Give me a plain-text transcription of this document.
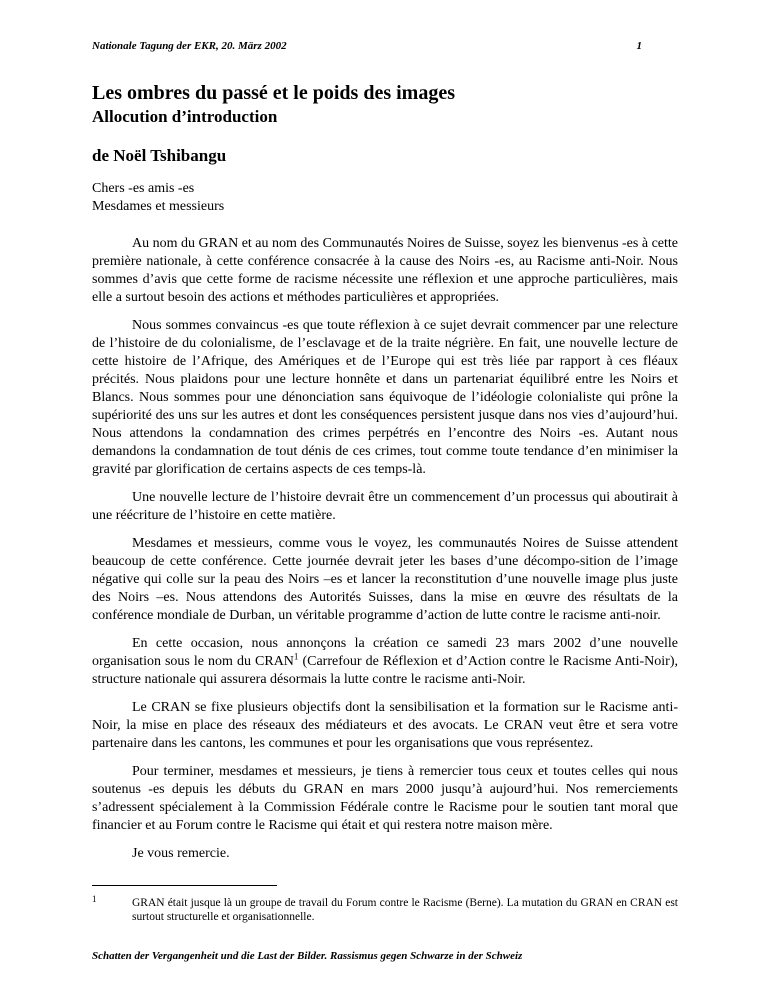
Nationale Tagung der EKR, 20. März 2002	1
Les ombres du passé et le poids des images
Allocution d’introduction
de Noël Tshibangu
Chers -es amis -es
Mesdames et messieurs

Au nom du GRAN et au nom des Communautés Noires de Suisse, soyez les bienvenus -es à cette première nationale, à cette conférence consacrée à la cause des Noirs -es, au Racisme anti-Noir. Nous sommes d’avis que cette forme de racisme nécessite une réflexion et une approche particulières, mais elle a surtout besoin des actions et méthodes particulières et appropriées.

Nous sommes convaincus -es que toute réflexion à ce sujet devrait commencer par une relecture de l’histoire de du colonialisme, de l’esclavage et de la traite négrière. En fait, une nouvelle lecture de cette histoire de l’Afrique, des Amériques et de l’Europe qui est très liée par rapport à ces fléaux précités. Nous plaidons pour une lecture honnête et dans un partenariat équilibré entre les Noirs et Blancs. Nous sommes pour une dénonciation sans équivoque de l’idéologie colonialiste qui prône la supériorité des uns sur les autres et dont les conséquences persistent jusque dans nos vies d’aujourd’hui. Nous attendons la condamnation des crimes perpétrés en l’encontre des Noirs -es. Autant nous demandons la condamnation de tout dénis de ces crimes, tout comme toute tendance d’en minimiser la gravité par glorification de certains aspects de ces temps-là.

Une nouvelle lecture de l’histoire devrait être un commencement d’un processus qui aboutirait à une réécriture de l’histoire en cette matière.

Mesdames et messieurs, comme vous le voyez, les communautés Noires de Suisse attendent beaucoup de cette conférence. Cette journée devrait jeter les bases d’une décompo-sition de l’image négative qui colle sur la peau des Noirs –es et lancer la reconstitution d’une nouvelle image plus juste des Noirs –es. Nous attendons des Autorités Suisses, dans la mise en œuvre des résultats de la conférence mondiale de Durban, un véritable programme d’action de lutte contre le racisme anti-noir.

En cette occasion, nous annonçons la création ce samedi 23 mars 2002 d’une nouvelle organisation sous le nom du CRAN$^1$ (Carrefour de Réflexion et d’Action contre le Racisme Anti-Noir), structure nationale qui assurera désormais la lutte contre le racisme anti-Noir.

Le CRAN se fixe plusieurs objectifs dont la sensibilisation et la formation sur le Racisme anti-Noir, la mise en place des réseaux des médiateurs et des avocats. Le CRAN veut être et sera votre partenaire dans les cantons, les communes et pour les organisations que vous représentez.

Pour terminer, mesdames et messieurs, je tiens à remercier tous ceux et toutes celles qui nous soutenus -es depuis les débuts du GRAN en mars 2000 jusqu’à aujourd’hui. Nos remerciements s’adressent spécialement à la Commission Fédérale contre le Racisme pour le soutien tant moral que financier et au Forum contre le Racisme qui était et qui restera notre maison mère.

Je vous remercie.

1	GRAN était jusque là un groupe de travail du Forum contre le Racisme (Berne). La mutation du GRAN en CRAN est surtout structurelle et organisationnelle.
Schatten der Vergangenheit und die Last der Bilder. Rassismus gegen Schwarze in der Schweiz
